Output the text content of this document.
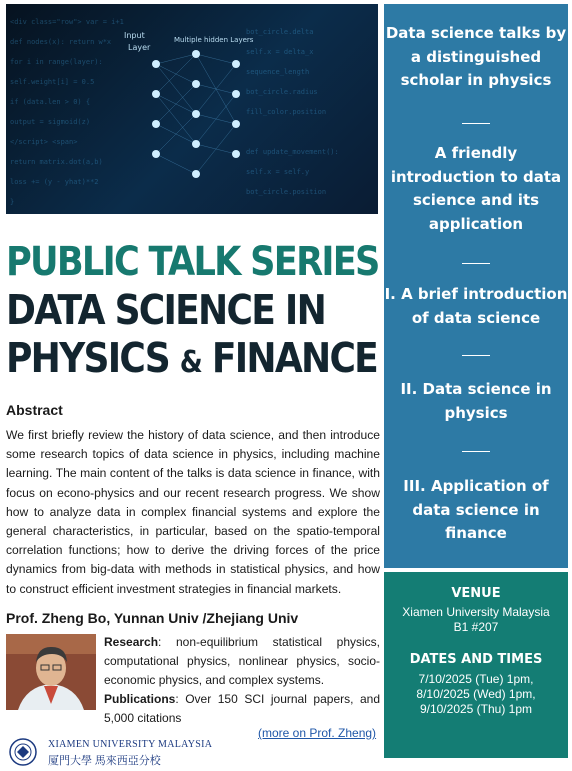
<div class="row"> var = i+1
def nodes(x): return w*x
for i in range(layer):
self.weight[i] = 0.5
if (data.len > 0) {
output = sigmoid(z)
</script> <span>
return matrix.dot(a,b)
loss += (y - yhat)**2
}
bot_circle.delta
self.x = delta_x
sequence_length
bot_circle.radius
fill_color.position
def update_movement():
self.x = self.y
bot_circle.position
Input
Layer
Multiple hidden Layers
PUBLIC TALK SERIES
DATA SCIENCE IN
PHYSICS & FINANCE
Abstract

We first briefly review the history of data science, and then introduce some research topics of data science in physics, including machine learning. The main content of the talks is data science in finance, with focus on econo-physics and our recent research progress. We show how to analyze data in complex financial systems and explore the general characteristics, in particular, based on the spatio-temporal correlation functions; how to derive the driving forces of the price dynamics from big-data with methods in statistical physics, and how to construct efficient investment strategies in financial markets.

Prof. Zheng Bo, Yunnan Univ /Zhejiang Univ

Research: non-equilibrium statistical physics, computational physics, nonlinear physics, socio-economic physics, and complex systems.
Publications: Over 150 SCI journal papers, and 5,000 citations

(more on Prof. Zheng)
XIAMEN UNIVERSITY MALAYSIA
厦門大學 馬來西亞分校
Data science talks by a distinguished scholar in physics
A friendly introduction to data science and its application
I. A brief introduction of data science
II. Data science in physics
III. Application of data science in finance
VENUE
Xiamen University Malaysia
B1 #207
DATES AND TIMES
7/10/2025 (Tue) 1pm,
8/10/2025 (Wed) 1pm,
9/10/2025 (Thu) 1pm
